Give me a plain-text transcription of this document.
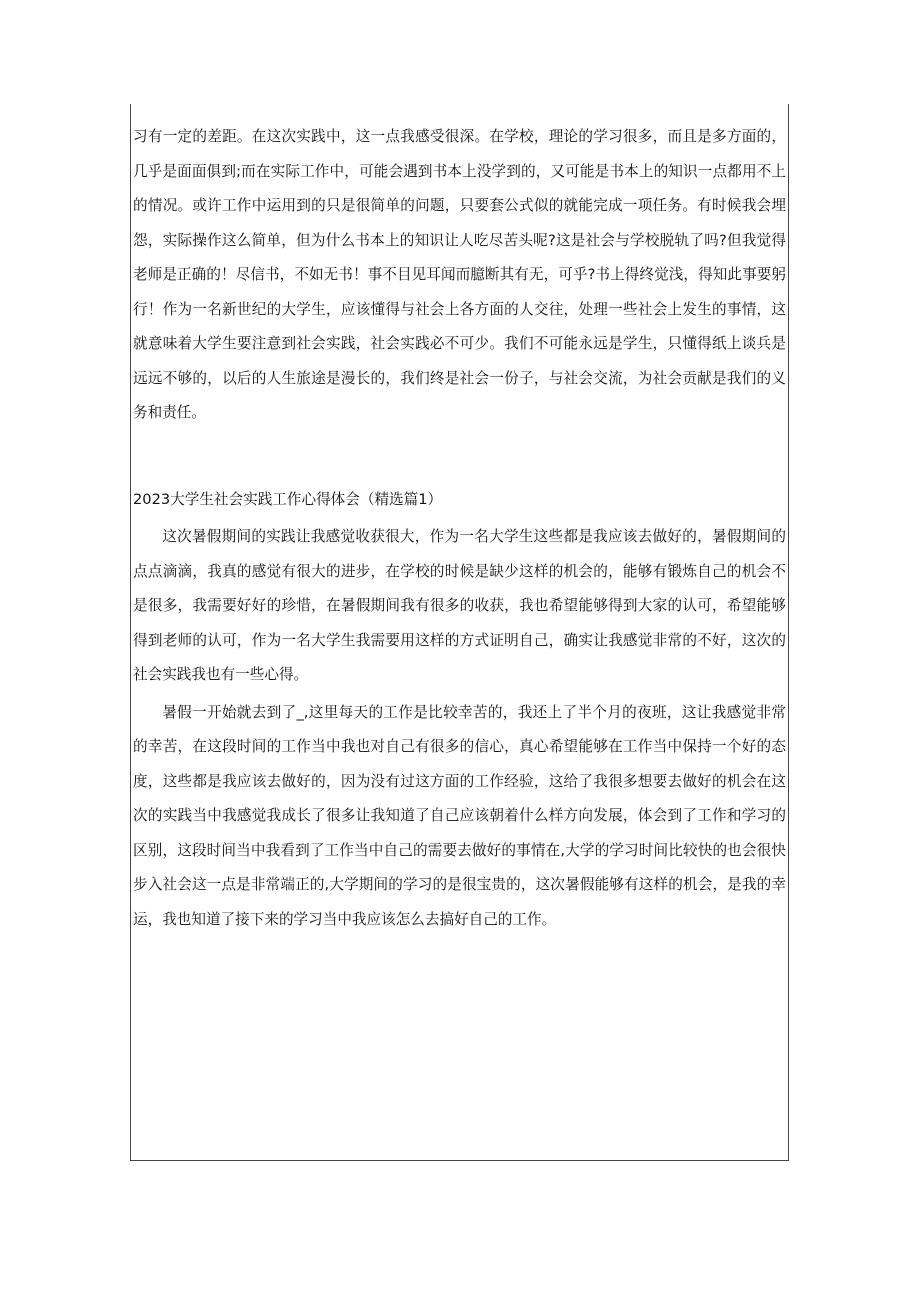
习有一定的差距。在这次实践中，这一点我感受很深。在学校，理论的学习很多，而且是多方面的，几乎是面面俱到;而在实际工作中，可能会遇到书本上没学到的，又可能是书本上的知识一点都用不上的情况。或许工作中运用到的只是很简单的问题，只要套公式似的就能完成一项任务。有时候我会埋怨，实际操作这么简单，但为什么书本上的知识让人吃尽苦头呢?这是社会与学校脱轨了吗?但我觉得老师是正确的！尽信书，不如无书！事不目见耳闻而臆断其有无，可乎?书上得终觉浅，得知此事要躬行！作为一名新世纪的大学生，应该懂得与社会上各方面的人交往，处理一些社会上发生的事情，这就意味着大学生要注意到社会实践，社会实践必不可少。我们不可能永远是学生，只懂得纸上谈兵是远远不够的，以后的人生旅途是漫长的，我们终是社会一份子，与社会交流，为社会贡献是我们的义务和责任。

2023大学生社会实践工作心得体会（精选篇1）

这次暑假期间的实践让我感觉收获很大，作为一名大学生这些都是我应该去做好的，暑假期间的点点滴滴，我真的感觉有很大的进步，在学校的时候是缺少这样的机会的，能够有锻炼自己的机会不是很多，我需要好好的珍惜，在暑假期间我有很多的收获，我也希望能够得到大家的认可，希望能够得到老师的认可，作为一名大学生我需要用这样的方式证明自己，确实让我感觉非常的不好，这次的社会实践我也有一些心得。

暑假一开始就去到了_,这里每天的工作是比较幸苦的，我还上了半个月的夜班，这让我感觉非常的幸苦，在这段时间的工作当中我也对自己有很多的信心，真心希望能够在工作当中保持一个好的态度，这些都是我应该去做好的，因为没有过这方面的工作经验，这给了我很多想要去做好的机会在这次的实践当中我感觉我成长了很多让我知道了自己应该朝着什么样方向发展，体会到了工作和学习的区别，这段时间当中我看到了工作当中自己的需要去做好的事情在,大学的学习时间比较快的也会很快步入社会这一点是非常端正的,大学期间的学习的是很宝贵的，这次暑假能够有这样的机会，是我的幸运，我也知道了接下来的学习当中我应该怎么去搞好自己的工作。
